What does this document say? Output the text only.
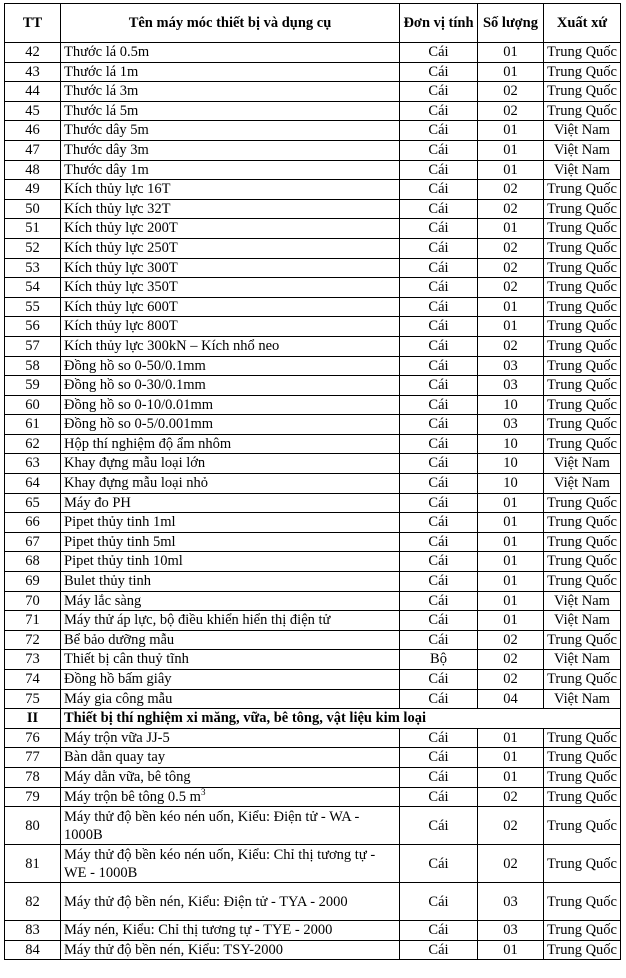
TT	Tên máy móc thiết bị và dụng cụ	Đơn vị tính	Số lượng	Xuất xứ
42	Thước lá 0.5m	Cái	01	Trung Quốc
43	Thước lá 1m	Cái	01	Trung Quốc
44	Thước lá 3m	Cái	02	Trung Quốc
45	Thước lá 5m	Cái	02	Trung Quốc
46	Thước dây 5m	Cái	01	Việt Nam
47	Thước dây 3m	Cái	01	Việt Nam
48	Thước dây 1m	Cái	01	Việt Nam
49	Kích thủy lực 16T	Cái	02	Trung Quốc
50	Kích thủy lực 32T	Cái	02	Trung Quốc
51	Kích thủy lực 200T	Cái	01	Trung Quốc
52	Kích thủy lực 250T	Cái	02	Trung Quốc
53	Kích thủy lực 300T	Cái	02	Trung Quốc
54	Kích thủy lực 350T	Cái	02	Trung Quốc
55	Kích thủy lực 600T	Cái	01	Trung Quốc
56	Kích thủy lực 800T	Cái	01	Trung Quốc
57	Kích thủy lực 300kN – Kích nhổ neo	Cái	02	Trung Quốc
58	Đồng hồ so 0-50/0.1mm	Cái	03	Trung Quốc
59	Đồng hồ so 0-30/0.1mm	Cái	03	Trung Quốc
60	Đồng hồ so 0-10/0.01mm	Cái	10	Trung Quốc
61	Đồng hồ so 0-5/0.001mm	Cái	03	Trung Quốc
62	Hộp thí nghiệm độ ẩm nhôm	Cái	10	Trung Quốc
63	Khay đựng mẫu loại lớn	Cái	10	Việt Nam
64	Khay đựng mẫu loại nhỏ	Cái	10	Việt Nam
65	Máy đo PH	Cái	01	Trung Quốc
66	Pipet thủy tinh 1ml	Cái	01	Trung Quốc
67	Pipet thủy tinh 5ml	Cái	01	Trung Quốc
68	Pipet thủy tinh 10ml	Cái	01	Trung Quốc
69	Bulet thủy tinh	Cái	01	Trung Quốc
70	Máy lắc sàng	Cái	01	Việt Nam
71	Máy thử áp lực, bộ điều khiển hiển thị điện tử	Cái	01	Việt Nam
72	Bể bảo dưỡng mẫu	Cái	02	Trung Quốc
73	Thiết bị cân thuỷ tĩnh	Bộ	02	Việt Nam
74	Đồng hồ bấm giây	Cái	02	Trung Quốc
75	Máy gia công mẫu	Cái	04	Việt Nam
II	Thiết bị thí nghiệm xi măng, vữa, bê tông, vật liệu kim loại			
76	Máy trộn vữa JJ-5	Cái	01	Trung Quốc
77	Bàn dằn quay tay	Cái	01	Trung Quốc
78	Máy dằn vữa, bê tông	Cái	01	Trung Quốc
79	Máy trộn bê tông 0.5 $m^3$	Cái	02	Trung Quốc
80	Máy thử độ bền kéo nén uốn, Kiểu: Điện tử - WA - 1000B	Cái	02	Trung Quốc
81	Máy thử độ bền kéo nén uốn, Kiểu: Chỉ thị tương tự - WE - 1000B	Cái	02	Trung Quốc
82	Máy thử độ bền nén, Kiểu: Điện tử - TYA - 2000	Cái	03	Trung Quốc
83	Máy nén, Kiểu: Chỉ thị tương tự - TYE - 2000	Cái	03	Trung Quốc
84	Máy thử độ bền nén, Kiểu: TSY-2000	Cái	01	Trung Quốc
